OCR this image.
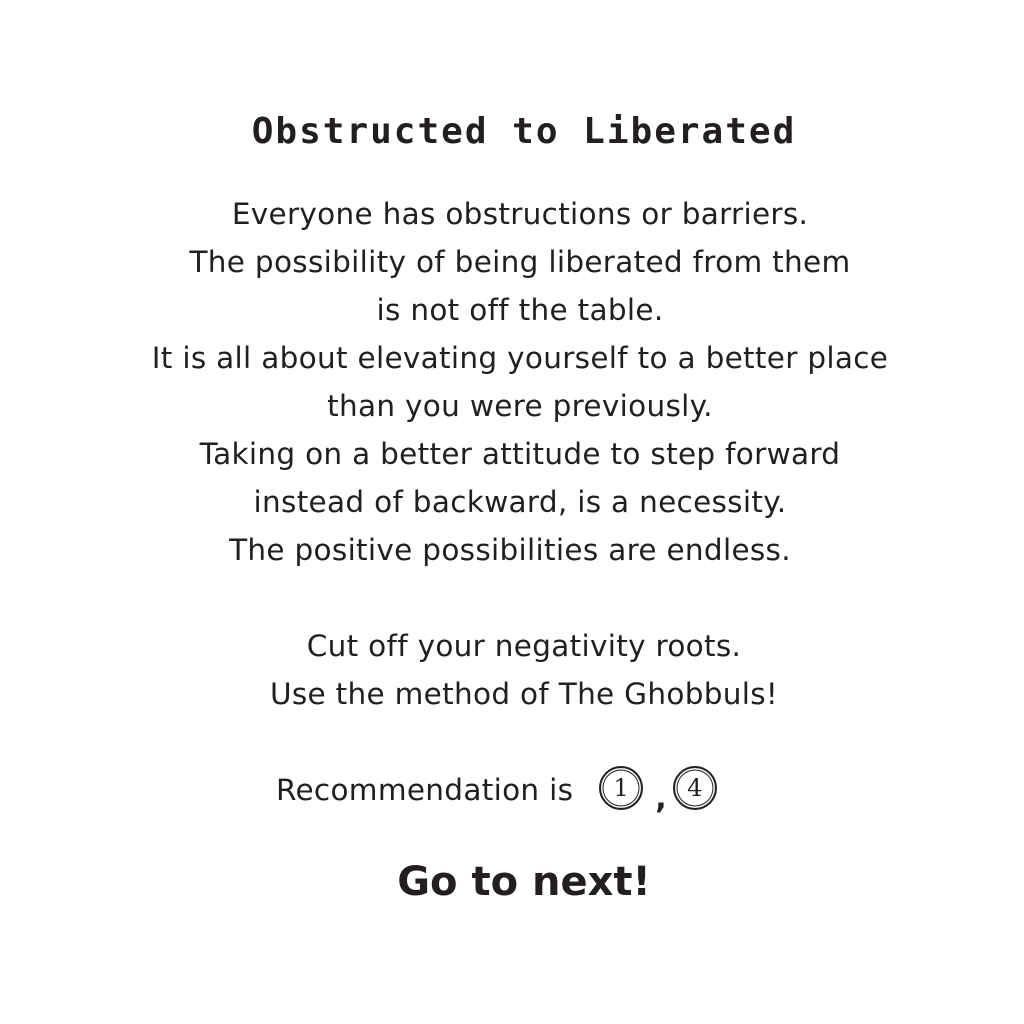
Obstructed to Liberated
Everyone has obstructions or barriers.
The possibility of being liberated from them
is not off the table.
It is all about elevating yourself to a better place
than you were previously.
Taking on a better attitude to step forward
instead of backward, is a necessity.
The positive possibilities are endless.
Cut off your negativity roots.
Use the method of The Ghobbuls!
Recommendation is	1 , 4
Go to next!
